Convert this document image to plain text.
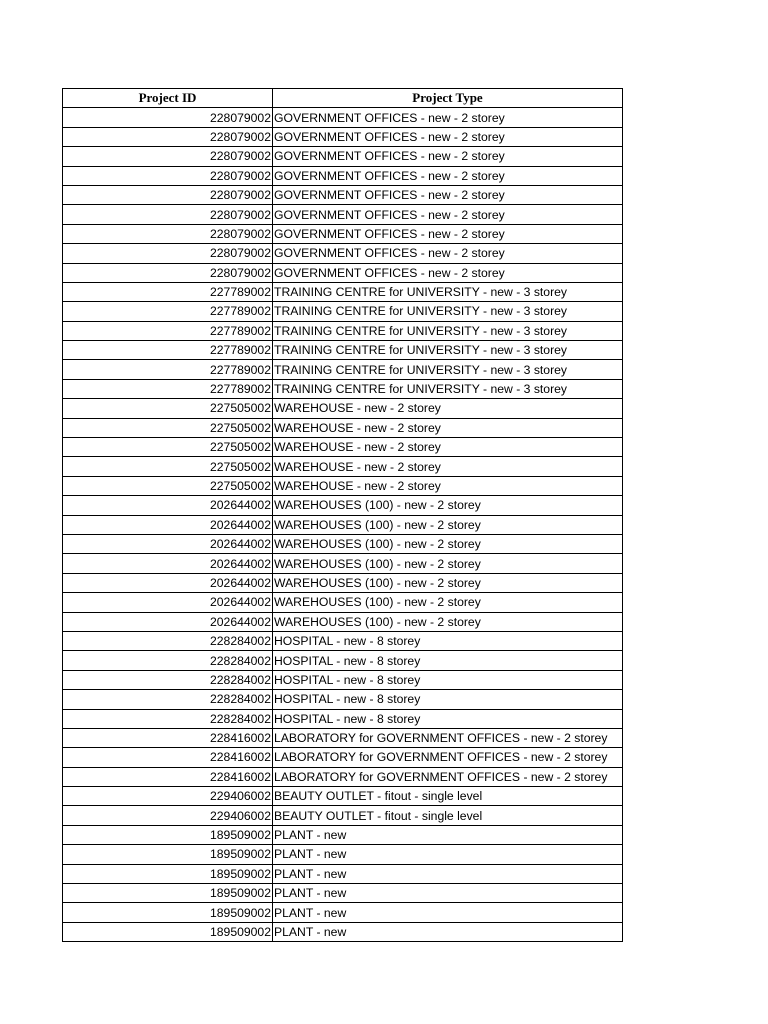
Project ID	Project Type
228079002	GOVERNMENT OFFICES - new - 2 storey
228079002	GOVERNMENT OFFICES - new - 2 storey
228079002	GOVERNMENT OFFICES - new - 2 storey
228079002	GOVERNMENT OFFICES - new - 2 storey
228079002	GOVERNMENT OFFICES - new - 2 storey
228079002	GOVERNMENT OFFICES - new - 2 storey
228079002	GOVERNMENT OFFICES - new - 2 storey
228079002	GOVERNMENT OFFICES - new - 2 storey
228079002	GOVERNMENT OFFICES - new - 2 storey
227789002	TRAINING CENTRE for UNIVERSITY - new - 3 storey
227789002	TRAINING CENTRE for UNIVERSITY - new - 3 storey
227789002	TRAINING CENTRE for UNIVERSITY - new - 3 storey
227789002	TRAINING CENTRE for UNIVERSITY - new - 3 storey
227789002	TRAINING CENTRE for UNIVERSITY - new - 3 storey
227789002	TRAINING CENTRE for UNIVERSITY - new - 3 storey
227505002	WAREHOUSE - new - 2 storey
227505002	WAREHOUSE - new - 2 storey
227505002	WAREHOUSE - new - 2 storey
227505002	WAREHOUSE - new - 2 storey
227505002	WAREHOUSE - new - 2 storey
202644002	WAREHOUSES (100) - new - 2 storey
202644002	WAREHOUSES (100) - new - 2 storey
202644002	WAREHOUSES (100) - new - 2 storey
202644002	WAREHOUSES (100) - new - 2 storey
202644002	WAREHOUSES (100) - new - 2 storey
202644002	WAREHOUSES (100) - new - 2 storey
202644002	WAREHOUSES (100) - new - 2 storey
228284002	HOSPITAL - new - 8 storey
228284002	HOSPITAL - new - 8 storey
228284002	HOSPITAL - new - 8 storey
228284002	HOSPITAL - new - 8 storey
228284002	HOSPITAL - new - 8 storey
228416002	LABORATORY for GOVERNMENT OFFICES - new - 2 storey
228416002	LABORATORY for GOVERNMENT OFFICES - new - 2 storey
228416002	LABORATORY for GOVERNMENT OFFICES - new - 2 storey
229406002	BEAUTY OUTLET - fitout - single level
229406002	BEAUTY OUTLET - fitout - single level
189509002	PLANT - new
189509002	PLANT - new
189509002	PLANT - new
189509002	PLANT - new
189509002	PLANT - new
189509002	PLANT - new
